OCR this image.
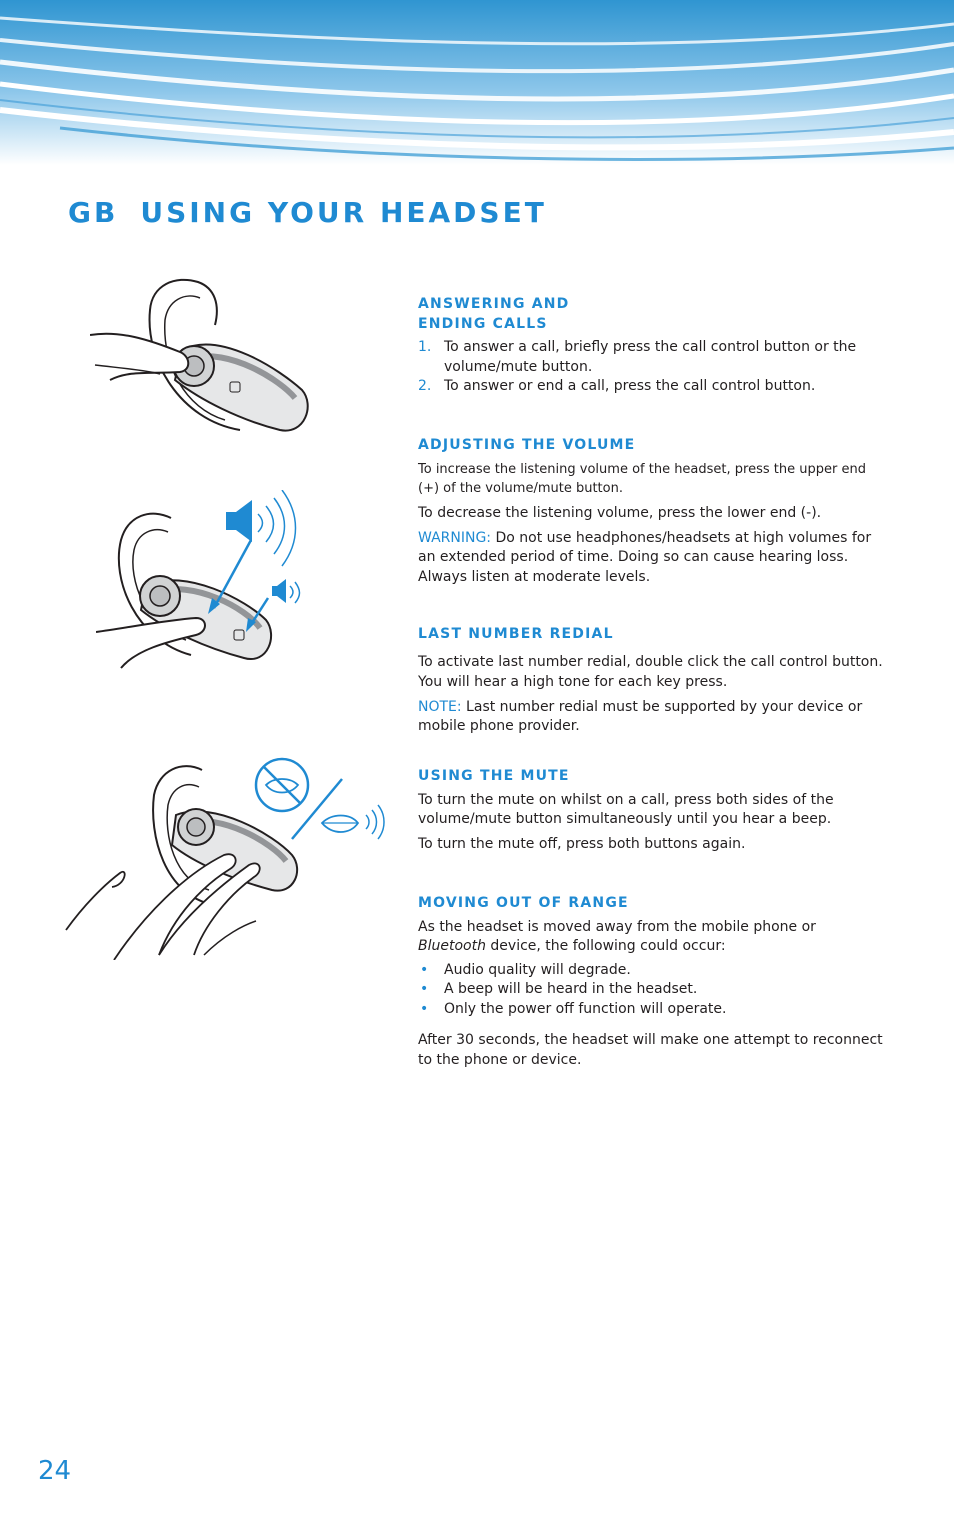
GB USING YOUR HEADSET
ANSWERING AND
ENDING CALLS
1. To answer a call, briefly press the call control button or the volume/mute button.
2. To answer or end a call, press the call control button.
ADJUSTING THE VOLUME

To increase the listening volume of the headset, press the upper end (+) of the volume/mute button.

To decrease the listening volume, press the lower end (-).

WARNING: Do not use headphones/headsets at high volumes for an extended period of time. Doing so can cause hearing loss. Always listen at moderate levels.

LAST NUMBER REDIAL

To activate last number redial, double click the call control button. You will hear a high tone for each key press.

NOTE: Last number redial must be supported by your device or mobile phone provider.

USING THE MUTE

To turn the mute on whilst on a call, press both sides of the volume/mute button simultaneously until you hear a beep.

To turn the mute off, press both buttons again.

MOVING OUT OF RANGE

As the headset is moved away from the mobile phone or Bluetooth device, the following could occur:

• Audio quality will degrade.
• A beep will be heard in the headset.
• Only the power off function will operate.

After 30 seconds, the headset will make one attempt to reconnect to the phone or device.

24
